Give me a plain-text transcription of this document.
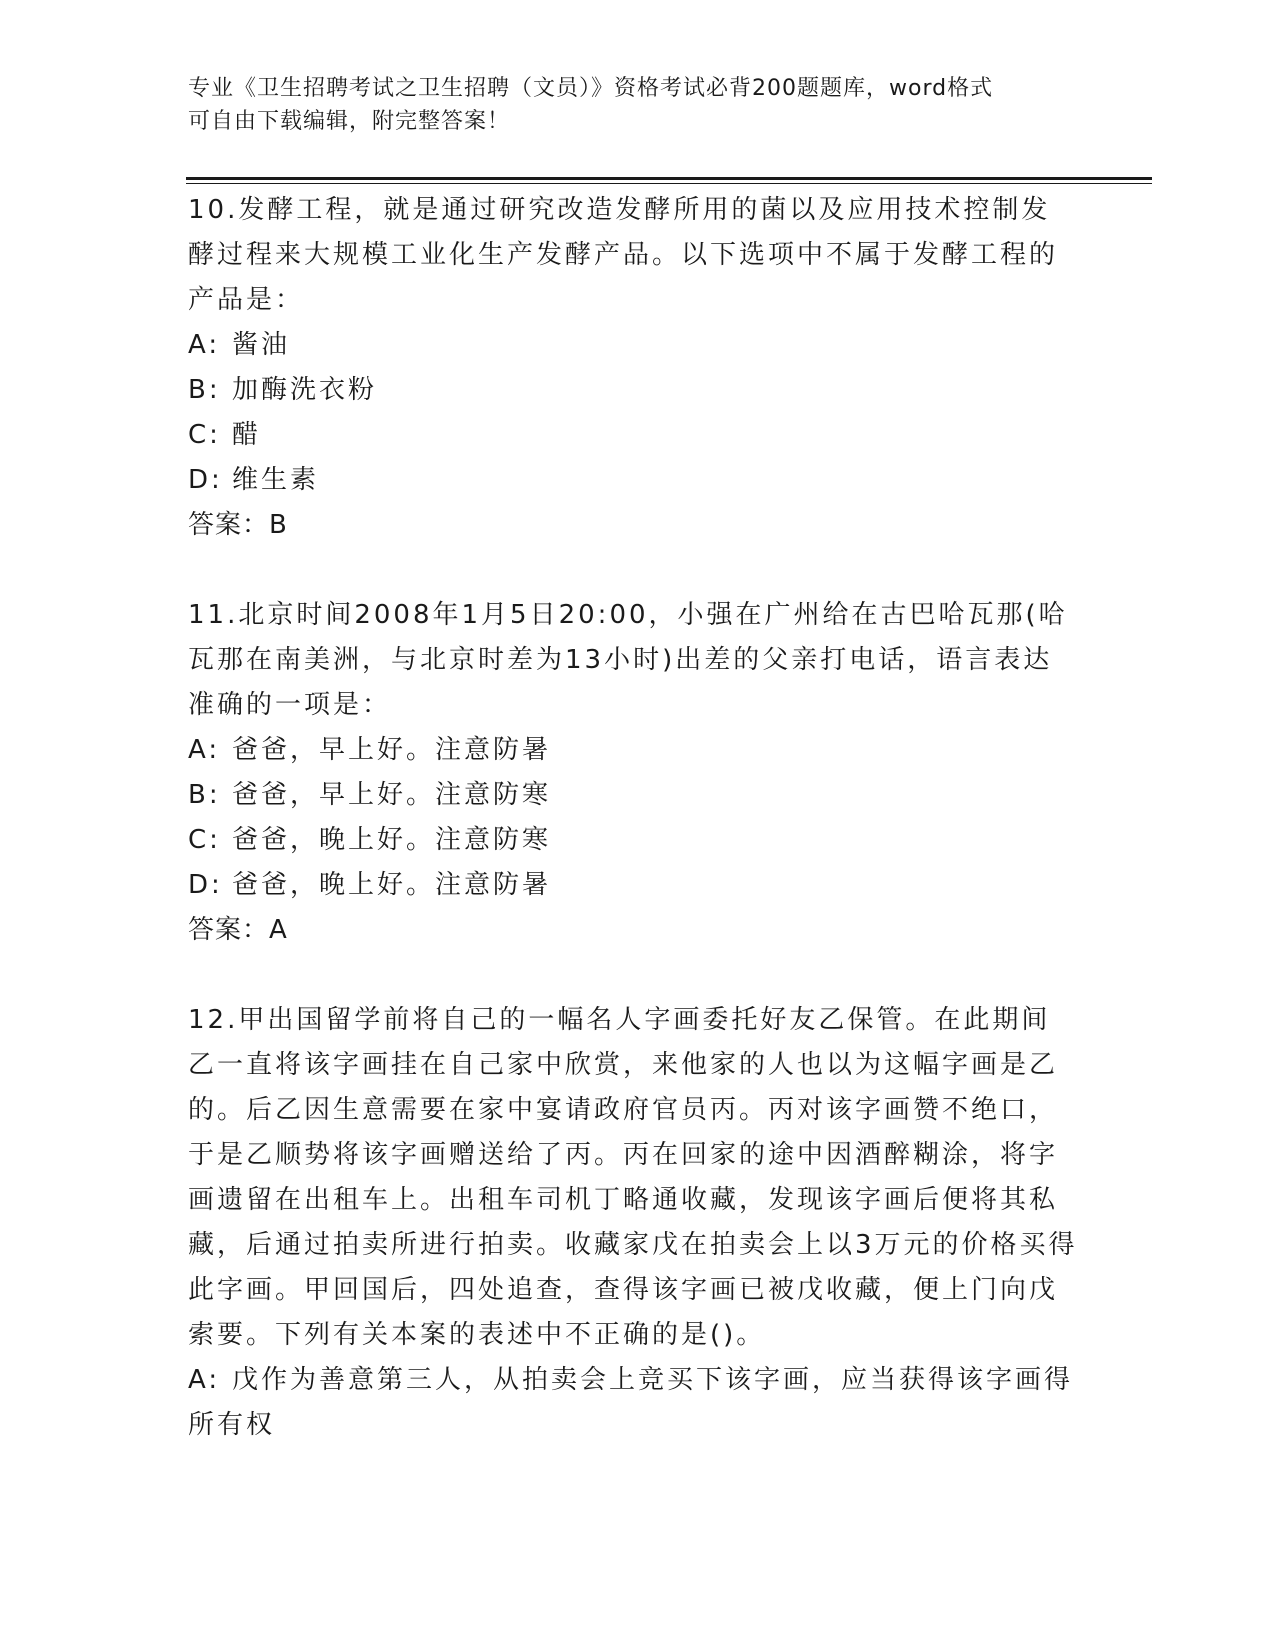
专业《卫生招聘考试之卫生招聘（文员）》资格考试必背200题题库，word格式
可自由下载编辑，附完整答案！

10.发酵工程，就是通过研究改造发酵所用的菌以及应用技术控制发酵过程来大规模工业化生产发酵产品。以下选项中不属于发酵工程的产品是：

A: 酱油

B: 加酶洗衣粉

C: 醋

D: 维生素

答案：B

11.北京时间2008年1月5日20:00，小强在广州给在古巴哈瓦那(哈瓦那在南美洲，与北京时差为13小时)出差的父亲打电话，语言表达准确的一项是：

A: 爸爸，早上好。注意防暑

B: 爸爸，早上好。注意防寒

C: 爸爸，晚上好。注意防寒

D: 爸爸，晚上好。注意防暑

答案：A

12.甲出国留学前将自己的一幅名人字画委托好友乙保管。在此期间乙一直将该字画挂在自己家中欣赏，来他家的人也以为这幅字画是乙的。后乙因生意需要在家中宴请政府官员丙。丙对该字画赞不绝口，于是乙顺势将该字画赠送给了丙。丙在回家的途中因酒醉糊涂，将字画遗留在出租车上。出租车司机丁略通收藏，发现该字画后便将其私藏，后通过拍卖所进行拍卖。收藏家戊在拍卖会上以3万元的价格买得此字画。甲回国后，四处追查，查得该字画已被戊收藏，便上门向戊索要。下列有关本案的表述中不正确的是()。

A: 戊作为善意第三人，从拍卖会上竞买下该字画，应当获得该字画得所有权
